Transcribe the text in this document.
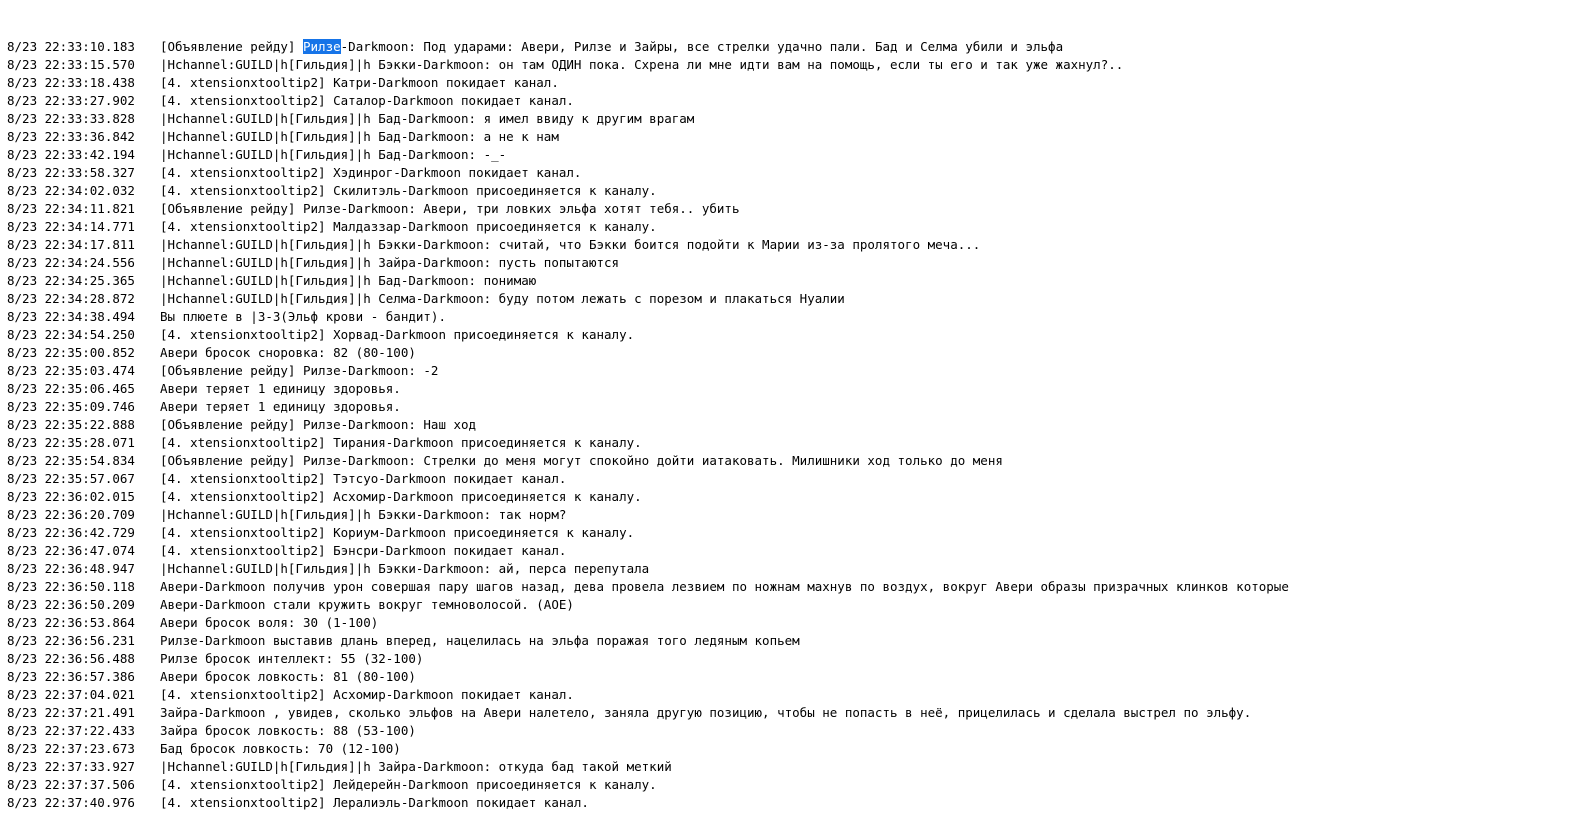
8/23 22:33:10.183 [Объявление рейду] Рилзе-Darkmoon: Под ударами: Авери, Рилзе и Зайры, все стрелки удачно пали. Бад и Селма убили и эльфа
8/23 22:33:15.570 |Hchannel:GUILD|h[Гильдия]|h Бэкки-Darkmoon: он там ОДИН пока. Схрена ли мне идти вам на помощь, если ты его и так уже жахнул?..
8/23 22:33:18.438 [4. xtensionxtooltip2] Катри-Darkmoon покидает канал.
8/23 22:33:27.902 [4. xtensionxtooltip2] Саталор-Darkmoon покидает канал.
8/23 22:33:33.828 |Hchannel:GUILD|h[Гильдия]|h Бад-Darkmoon: я имел ввиду к другим врагам
8/23 22:33:36.842 |Hchannel:GUILD|h[Гильдия]|h Бад-Darkmoon: а не к нам
8/23 22:33:42.194 |Hchannel:GUILD|h[Гильдия]|h Бад-Darkmoon: -_-
8/23 22:33:58.327 [4. xtensionxtooltip2] Хэдинрог-Darkmoon покидает канал.
8/23 22:34:02.032 [4. xtensionxtooltip2] Скилитэль-Darkmoon присоединяется к каналу.
8/23 22:34:11.821 [Объявление рейду] Рилзе-Darkmoon: Авери, три ловких эльфа хотят тебя.. убить
8/23 22:34:14.771 [4. xtensionxtooltip2] Малдаззар-Darkmoon присоединяется к каналу.
8/23 22:34:17.811 |Hchannel:GUILD|h[Гильдия]|h Бэкки-Darkmoon: считай, что Бэкки боится подойти к Марии из-за пролятого меча...
8/23 22:34:24.556 |Hchannel:GUILD|h[Гильдия]|h Зайра-Darkmoon: пусть попытаются
8/23 22:34:25.365 |Hchannel:GUILD|h[Гильдия]|h Бад-Darkmoon: понимаю
8/23 22:34:28.872 |Hchannel:GUILD|h[Гильдия]|h Селма-Darkmoon: буду потом лежать с порезом и плакаться Нуалии
8/23 22:34:38.494 Вы плюете в |3-3(Эльф крови - бандит).
8/23 22:34:54.250 [4. xtensionxtooltip2] Хорвад-Darkmoon присоединяется к каналу.
8/23 22:35:00.852 Авери бросок сноровка: 82 (80-100)
8/23 22:35:03.474 [Объявление рейду] Рилзе-Darkmoon: -2
8/23 22:35:06.465 Авери теряет 1 единицу здоровья.
8/23 22:35:09.746 Авери теряет 1 единицу здоровья.
8/23 22:35:22.888 [Объявление рейду] Рилзе-Darkmoon: Наш ход
8/23 22:35:28.071 [4. xtensionxtooltip2] Тирания-Darkmoon присоединяется к каналу.
8/23 22:35:54.834 [Объявление рейду] Рилзе-Darkmoon: Стрелки до меня могут спокойно дойти иатаковать. Милишники ход только до меня
8/23 22:35:57.067 [4. xtensionxtooltip2] Тэтсуо-Darkmoon покидает канал.
8/23 22:36:02.015 [4. xtensionxtooltip2] Асхомир-Darkmoon присоединяется к каналу.
8/23 22:36:20.709 |Hchannel:GUILD|h[Гильдия]|h Бэкки-Darkmoon: так норм?
8/23 22:36:42.729 [4. xtensionxtooltip2] Кориум-Darkmoon присоединяется к каналу.
8/23 22:36:47.074 [4. xtensionxtooltip2] Бэнсри-Darkmoon покидает канал.
8/23 22:36:48.947 |Hchannel:GUILD|h[Гильдия]|h Бэкки-Darkmoon: ай, перса перепутала
8/23 22:36:50.118 Авери-Darkmoon получив урон совершая пару шагов назад, дева провела лезвием по ножнам махнув по воздух, вокруг Авери образы призрачных клинков которые
8/23 22:36:50.209 Авери-Darkmoon стали кружить вокруг темноволосой. (АОЕ)
8/23 22:36:53.864 Авери бросок воля: 30 (1-100)
8/23 22:36:56.231 Рилзе-Darkmoon выставив длань вперед, нацелилась на эльфа поражая того ледяным копьем
8/23 22:36:56.488 Рилзе бросок интеллект: 55 (32-100)
8/23 22:36:57.386 Авери бросок ловкость: 81 (80-100)
8/23 22:37:04.021 [4. xtensionxtooltip2] Асхомир-Darkmoon покидает канал.
8/23 22:37:21.491 Зайра-Darkmoon , увидев, сколько эльфов на Авери налетело, заняла другую позицию, чтобы не попасть в неё, прицелилась и сделала выстрел по эльфу.
8/23 22:37:22.433 Зайра бросок ловкость: 88 (53-100)
8/23 22:37:23.673 Бад бросок ловкость: 70 (12-100)
8/23 22:37:33.927 |Hchannel:GUILD|h[Гильдия]|h Зайра-Darkmoon: откуда бад такой меткий
8/23 22:37:37.506 [4. xtensionxtooltip2] Лейдерейн-Darkmoon присоединяется к каналу.
8/23 22:37:40.976 [4. xtensionxtooltip2] Лералиэль-Darkmoon покидает канал.
